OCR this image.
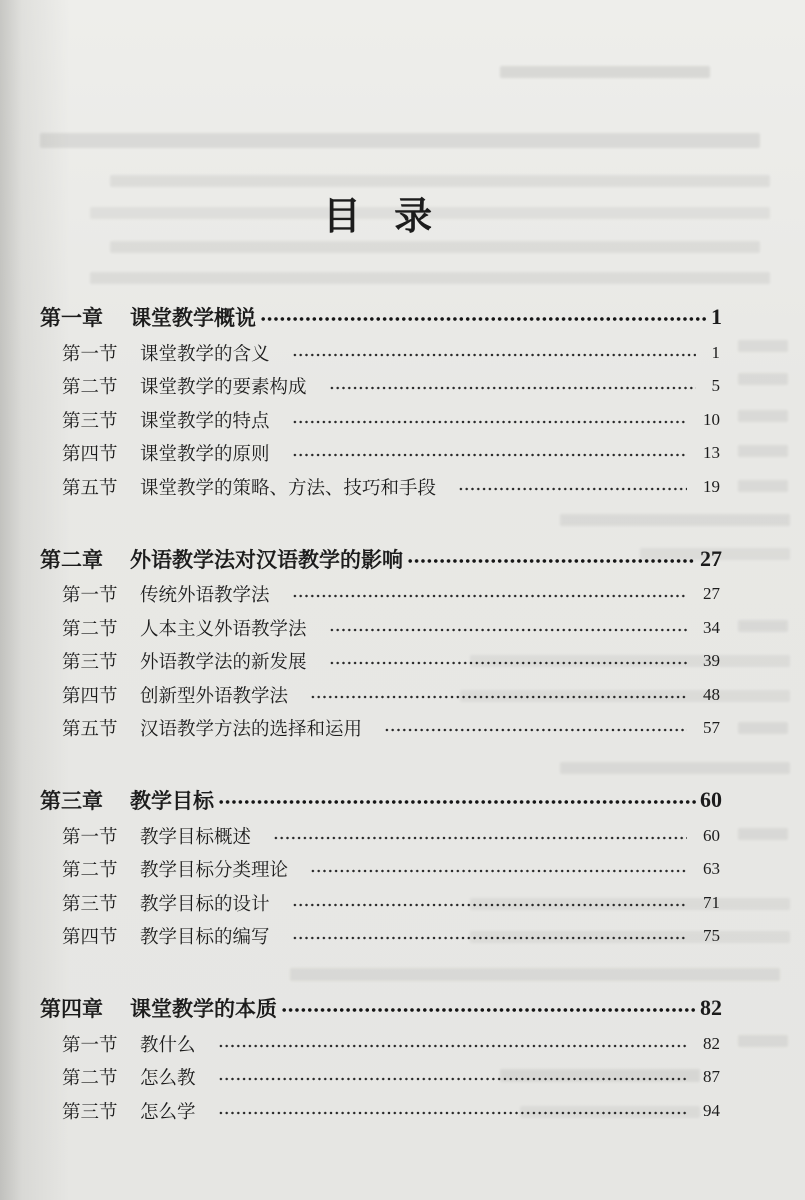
目 录
第一章	课堂教学概说	1
第一节	课堂教学的含义	1
第二节	课堂教学的要素构成	5
第三节	课堂教学的特点	10
第四节	课堂教学的原则	13
第五节	课堂教学的策略、方法、技巧和手段	19
第二章	外语教学法对汉语教学的影响	27
第一节	传统外语教学法	27
第二节	人本主义外语教学法	34
第三节	外语教学法的新发展	39
第四节	创新型外语教学法	48
第五节	汉语教学方法的选择和运用	57
第三章	教学目标	60
第一节	教学目标概述	60
第二节	教学目标分类理论	63
第三节	教学目标的设计	71
第四节	教学目标的编写	75
第四章	课堂教学的本质	82
第一节	教什么	82
第二节	怎么教	87
第三节	怎么学	94
